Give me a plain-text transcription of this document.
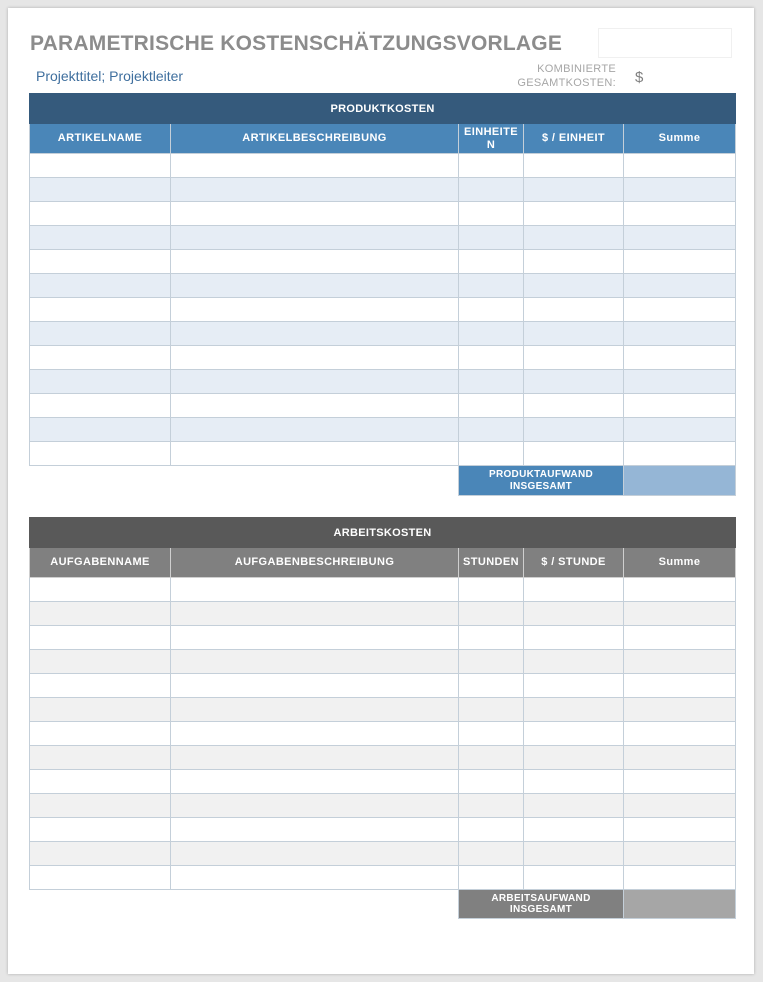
PARAMETRISCHE KOSTENSCHÄTZUNGSVORLAGE
Projekttitel; Projektleiter	KOMBINIERTE
GESAMTKOSTEN: $
PRODUKTKOSTEN				
ARTIKELNAME	ARTIKELBESCHREIBUNG	EINHEITE N	$ / EINHEIT	Summe

		PRODUKTAUFWAND
INSGESAMT		

ARBEITSKOSTEN				
AUFGABENNAME	AUFGABENBESCHREIBUNG	STUNDEN	$ / STUNDE	Summe

		ARBEITSAUFWAND INSGESAMT		
